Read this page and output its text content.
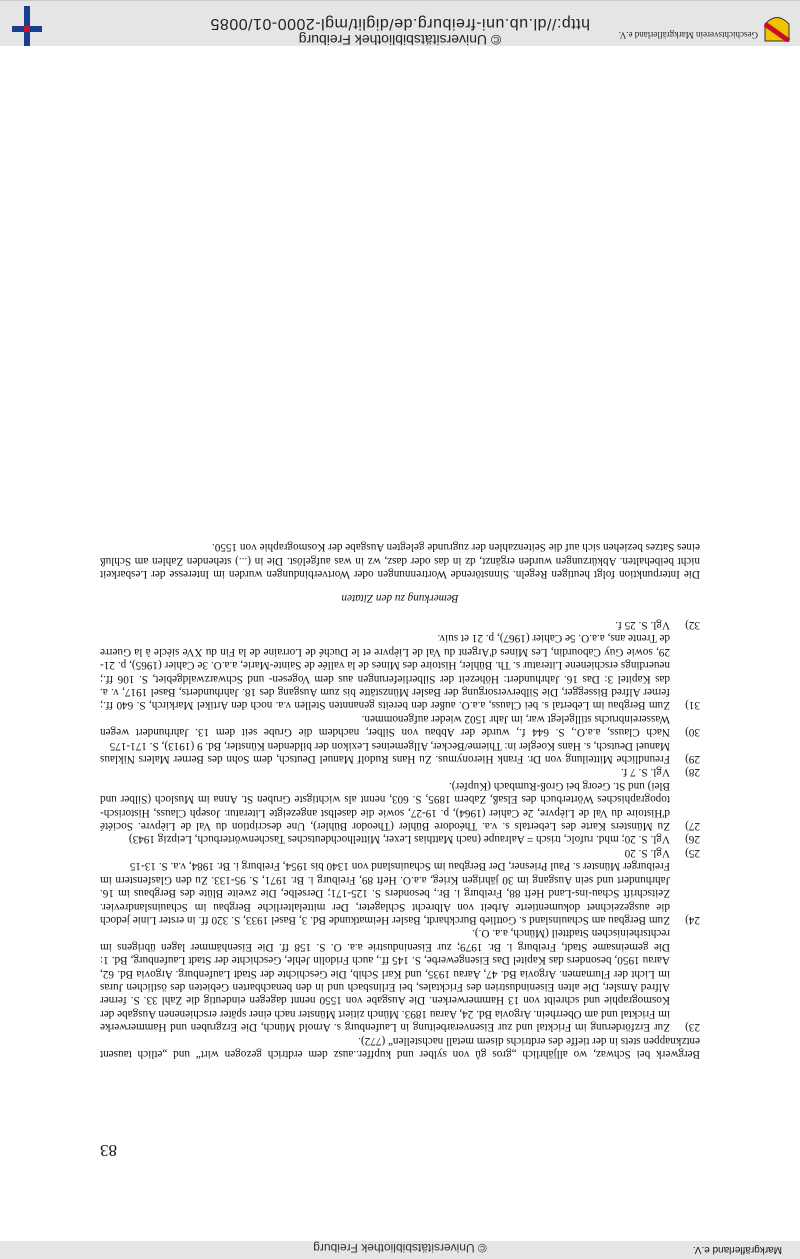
http://dl.ub.uni-freiburg.de/diglit/mgl-2000-01/0085
© Universitätsbibliothek Freiburg	Geschichtsverein Markgräflerland e.V.
83

Bergwerk bei Schwaz, wo alljährlich „gros gů von sylber und kupffer..ausz dem erdtrich gezogen wirt“ und „etlich tausent entzknappen stets in der tieffe des erdtrichs disem metall nachstellen“ (772).

23)
Zur Erzförderung im Fricktal und zur Eisenverarbeitung in Laufenburg s. Arnold Münch, Die Erzgruben und Hammerwerke im Fricktal und am Oberrhein. Argovia Bd. 24, Aarau 1893. Münch zitiert Münster nach einer später erschienenen Ausgabe der Kosmographie und schreibt von 13 Hammerwerken. Die Ausgabe von 1550 nennt dagegen eindeutig die Zahl 33. S. ferner Alfred Amsler, Die alten Eisenindustrien des Fricktales, bei Erlinsbach und in den benachbarten Gebieten des östlichen Juras im Licht der Flurnamen. Argovia Bd. 47, Aarau 1935, und Karl Schib, Die Geschichte der Stadt Laufenburg. Argovia Bd. 62, Aarau 1950, besonders das Kapitel Das Eisengewerbe, S. 145 ff., auch Fridolin Jehle, Geschichte der Stadt Laufenburg, Bd. 1: Die gemeinsame Stadt, Freiburg i. Br. 1979; zur Eisenindustrie a.a. O. S. 158 ff. Die Eisenhämmer lagen übrigens im rechtsrheinischen Stadtteil (Münch, a.a. O.).
24)
Zum Bergbau am Schauinsland s. Gottlieb Burckhardt, Basler Heimatkunde Bd. 3, Basel 1933, S. 320 ff. in erster Linie jedoch die ausgezeichnet dokumentierte Arbeit von Albrecht Schlageter, Der mittelalterliche Bergbau im Schauinslandrevier. Zeitschrift Schau-ins-Land Heft 88, Freiburg i. Br., besonders S. 125-171; Derselbe, Die zweite Blüte des Bergbaus im 16. Jahrhundert und sein Ausgang im 30 jährigen Krieg, a.a.O. Heft 89, Freiburg i. Br. 1971, S. 95-133. Zu den Glasfenstern im Freiburger Münster s. Paul Priesner, Der Bergbau im Schauinsland von 1340 bis 1954, Freiburg i. Br. 1984, v.a. S. 13-15
25)
Vgl. S. 20
26)
Vgl. S. 20; mhd. rufolc, trisch = Aalraupe (nach Matthias Lexer, Mittelhochdeutsches Taschenwörterbuch, Leipzig 1943)
27)
Zu Münsters Karte des Lebertals s. v.a. Théodore Bühler (Theodor Bühler), Une description du Val de Lièpvre. Société d'Histoire du Val de Lièpvre, 2e Cahier (1964), p. 19-27, sowie die daselbst angezeigte Literatur. Joseph Clauss, Historisch-topographisches Wörterbuch des Elsaß, Zabern 1895, S. 603, nennt als wichtigste Gruben St. Anna im Musloch (Silber und Blei) und St. Georg bei Groß-Rumbach (Kupfer).
28)
Vgl. S. 7 f.
29)
Freundliche Mitteilung von Dr. Frank Hieronymus. Zu Hans Rudolf Manuel Deutsch, dem Sohn des Berner Malers Niklaus Manuel Deutsch, s. Hans Koegler in: Thieme/Becker, Allgemeines Lexikon der bildenden Künstler, Bd. 9 (1913), S. 171-175
30)
Nach Clauss, a.a.O., S. 644 f., wurde der Abbau von Silber, nachdem die Grube seit dem 13. Jahrhundert wegen Wassereinbruchs stillgelegt war, im Jahr 1502 wieder aufgenommen.
31)
Zum Bergbau im Lebertal s. bei Clauss, a.a.O. außer den bereits genannten Stellen v.a. noch den Artikel Markirch, S. 640 ff.; ferner Alfred Bissegger, Die Silberversorgung der Basler Münzstätte bis zum Ausgang des 18. Jahrhunderts, Basel 1917, v. a. das Kapitel 3: Das 16. Jahrhundert: Höhezeit der Silberlieferungen aus dem Vogesen- und Schwarzwaldgebiet, S. 106 ff.; neuerdings erschienene Literatur s. Th. Bühler, Histoire des Mines de la vallée de Sainte-Marie, a.a.O. 3e Cahier (1965), p. 21-29, sowie Guy Cabourdin, Les Mines d'Argent du Val de Lièpvre et le Duché de Lorraine de la Fin du XVe siècle à la Guerre de Trente ans, a.a.O. 5e Cahier (1967), p. 21 et suiv.
32)
Vgl. S. 25 f.
Bemerkung zu den Zitaten

Die Interpunktion folgt heutigen Regeln. Sinnstörende Wortrennungen oder Wortverbindungen wurden im Interesse der Lesbarkeit nicht beibehalten. Abkürzungen wurden ergänzt, dz in das oder dasz, wz in was aufgelöst. Die in (...) stehenden Zahlen am Schluß eines Satzes beziehen sich auf die Seitenzahlen der zugrunde gelegten Ausgabe der Kosmographie von 1550.

© Universitätsbibliothek Freiburg	Markgräflerland e.V.
